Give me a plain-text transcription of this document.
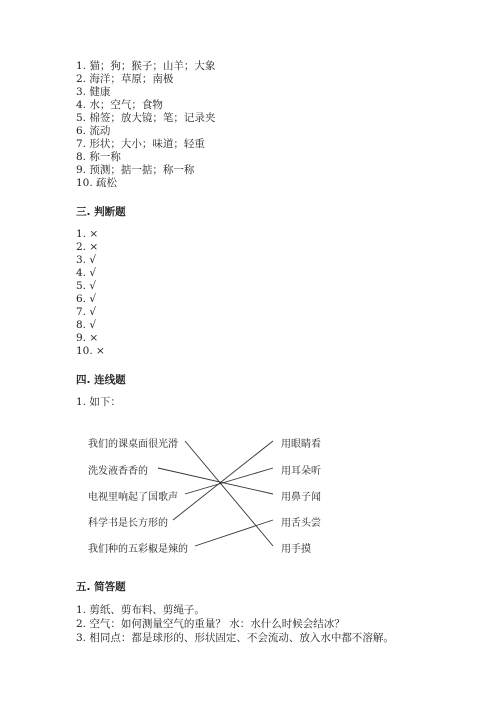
1. 猫；狗；猴子；山羊；大象
2. 海洋；草原；南极
3. 健康
4. 水；空气；食物
5. 棉签；放大镜；笔；记录夹
6. 流动
7. 形状；大小；味道；轻重
8. 称一称
9. 预测；掂一掂；称一称
10. 疏松
三. 判断题
1. ×
2. ×
3. √
4. √
5. √
6. √
7. √
8. √
9. ×
10. ×
四. 连线题
1. 如下：
我们的课桌面很光滑
洗发液香香的
电视里响起了国歌声
科学书是长方形的
我们种的五彩椒是辣的
用眼睛看
用耳朵听
用鼻子闻
用舌头尝
用手摸
五. 简答题
1. 剪纸、剪布料、剪绳子。
2. 空气：如何测量空气的重量？ 水：水什么时候会结冰？
3. 相同点：都是球形的、形状固定、不会流动、放入水中都不溶解。
